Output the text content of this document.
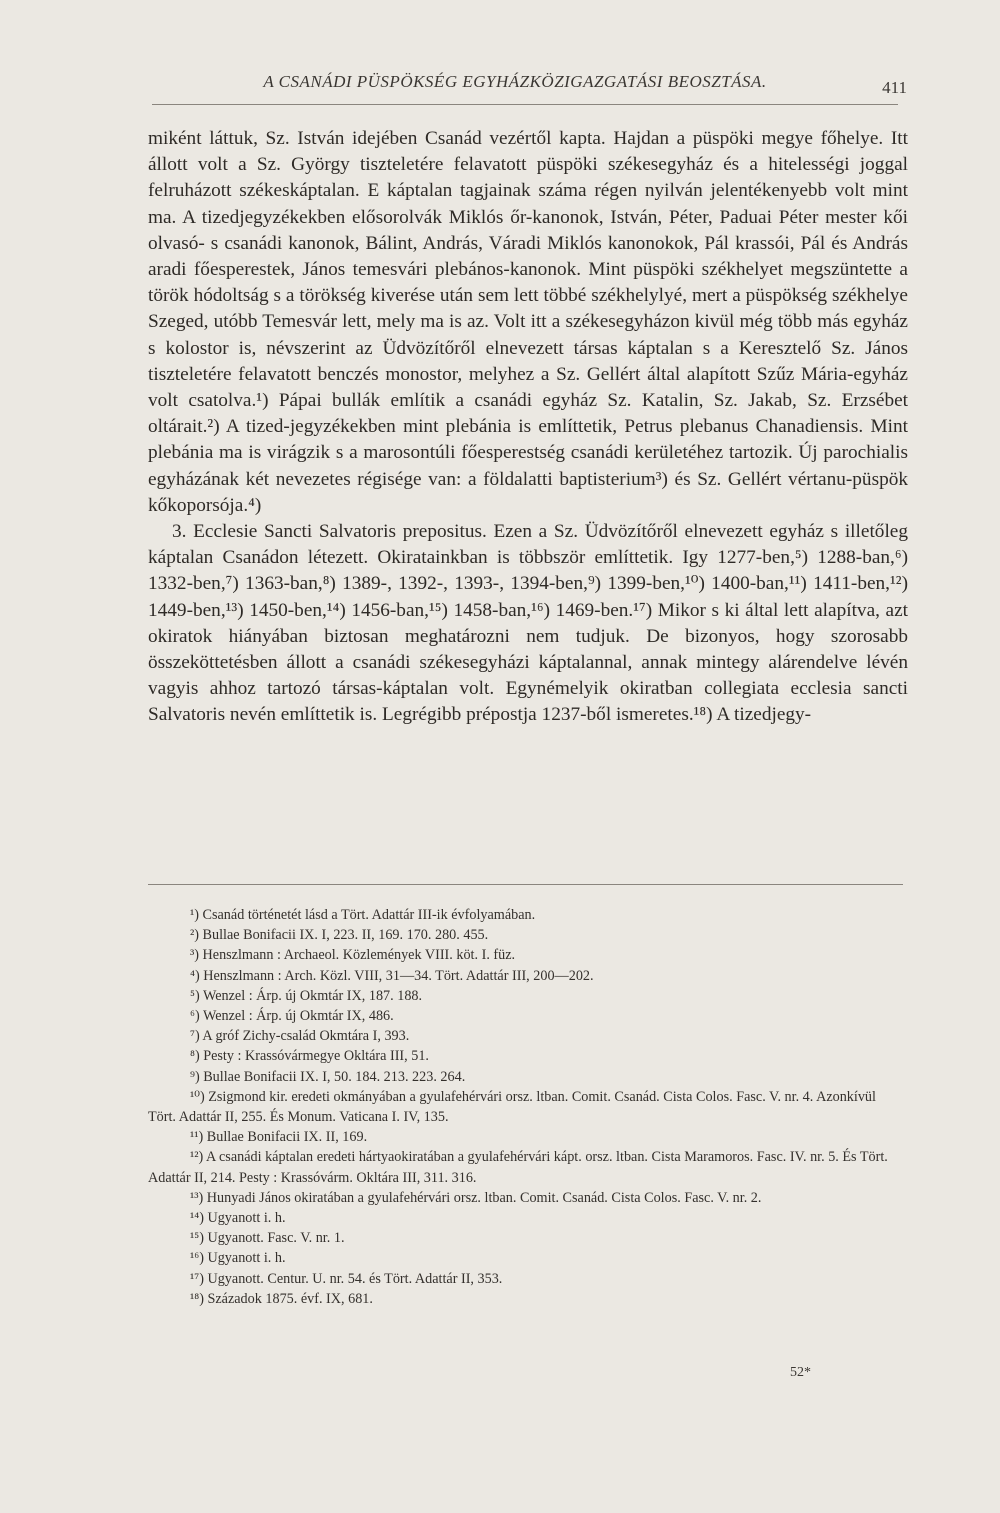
A CSANÁDI PÜSPÖKSÉG EGYHÁZKÖZIGAZGATÁSI BEOSZTÁSA.	411

miként láttuk, Sz. István idejében Csanád vezértől kapta. Hajdan a püspöki megye főhelye. Itt állott volt a Sz. György tiszteletére felavatott püspöki székesegyház és a hitelességi joggal felruházott székeskáptalan. E káptalan tagjainak száma régen nyilván jelentékenyebb volt mint ma. A tizedjegyzékekben elősorolvák Miklós őr-kanonok, István, Péter, Paduai Péter mester kői olvasó- s csanádi kanonok, Bálint, András, Váradi Miklós kanonokok, Pál krassói, Pál és András aradi főesperestek, János temesvári plebános-kanonok. Mint püspöki székhelyet megszüntette a török hódoltság s a törökség kiverése után sem lett többé székhelylyé, mert a püspökség székhelye Szeged, utóbb Temesvár lett, mely ma is az. Volt itt a székesegyházon kivül még több más egyház s kolostor is, névszerint az Üdvözítőről elnevezett társas káptalan s a Keresztelő Sz. János tiszteletére felavatott benczés monostor, melyhez a Sz. Gellért által alapított Szűz Mária-egyház volt csatolva.¹) Pápai bullák említik a csanádi egyház Sz. Katalin, Sz. Jakab, Sz. Erzsébet oltárait.²) A tized-jegyzékekben mint plebánia is említtetik, Petrus plebanus Chanadiensis. Mint plebánia ma is virágzik s a marosontúli főesperestség csanádi kerületéhez tartozik. Új parochialis egyházának két nevezetes régisége van: a földalatti baptisterium³) és Sz. Gellért vértanu-püspök kőkoporsója.⁴)

3. Ecclesie Sancti Salvatoris prepositus. Ezen a Sz. Üdvözítőről elnevezett egyház s illetőleg káptalan Csanádon létezett. Okiratainkban is többször említtetik. Igy 1277-ben,⁵) 1288-ban,⁶) 1332-ben,⁷) 1363-ban,⁸) 1389-, 1392-, 1393-, 1394-ben,⁹) 1399-ben,¹⁰) 1400-ban,¹¹) 1411-ben,¹²) 1449-ben,¹³) 1450-ben,¹⁴) 1456-ban,¹⁵) 1458-ban,¹⁶) 1469-ben.¹⁷) Mikor s ki által lett alapítva, azt okiratok hiányában biztosan meghatározni nem tudjuk. De bizonyos, hogy szorosabb összeköttetésben állott a csanádi székesegyházi káptalannal, annak mintegy alárendelve lévén vagyis ahhoz tartozó társas-káptalan volt. Egynémelyik okiratban collegiata ecclesia sancti Salvatoris nevén említtetik is. Legrégibb prépostja 1237-ből ismeretes.¹⁸) A tizedjegy-

¹) Csanád történetét lásd a Tört. Adattár III-ik évfolyamában.

²) Bullae Bonifacii IX. I, 223. II, 169. 170. 280. 455.

³) Henszlmann : Archaeol. Közlemények VIII. köt. I. füz.

⁴) Henszlmann : Arch. Közl. VIII, 31—34. Tört. Adattár III, 200—202.

⁵) Wenzel : Árp. új Okmtár IX, 187. 188.

⁶) Wenzel : Árp. új Okmtár IX, 486.

⁷) A gróf Zichy-család Okmtára I, 393.

⁸) Pesty : Krassóvármegye Okltára III, 51.

⁹) Bullae Bonifacii IX. I, 50. 184. 213. 223. 264.

¹⁰) Zsigmond kir. eredeti okmányában a gyulafehérvári orsz. ltban. Comit. Csanád. Cista Colos. Fasc. V. nr. 4. Azonkívül Tört. Adattár II, 255. És Monum. Vaticana I. IV, 135.

¹¹) Bullae Bonifacii IX. II, 169.

¹²) A csanádi káptalan eredeti hártyaokiratában a gyulafehérvári kápt. orsz. ltban. Cista Maramoros. Fasc. IV. nr. 5. És Tört. Adattár II, 214. Pesty : Krassóvárm. Okltára III, 311. 316.

¹³) Hunyadi János okiratában a gyulafehérvári orsz. ltban. Comit. Csanád. Cista Colos. Fasc. V. nr. 2.

¹⁴) Ugyanott i. h.

¹⁵) Ugyanott. Fasc. V. nr. 1.

¹⁶) Ugyanott i. h.

¹⁷) Ugyanott. Centur. U. nr. 54. és Tört. Adattár II, 353.

¹⁸) Századok 1875. évf. IX, 681.

52*
